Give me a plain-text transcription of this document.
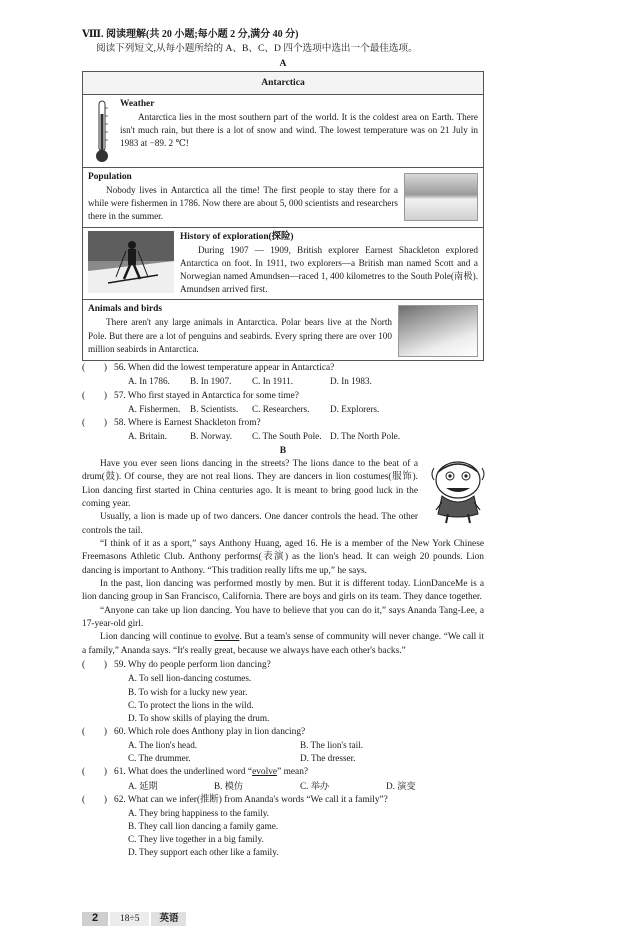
Ⅷ. 阅读理解(共 20 小题;每小题 2 分,满分 40 分)
阅读下列短文,从每小题所给的 A、B、C、D 四个选项中选出一个最佳选项。
A
Antarctica
Weather

Antarctica lies in the most southern part of the world. It is the coldest area on Earth. There isn't much rain, but there is a lot of snow and wind. The lowest temperature was on 21 July in 1983 at −89. 2 ℃!

Population

Nobody lives in Antarctica all the time! The first people to stay there for a while were fishermen in 1786. Now there are about 5, 000 scientists and researchers there in the summer.

History of exploration(探险)

During 1907 — 1909, British explorer Earnest Shackleton explored Antarctica on foot. In 1911, two explorers—a British man named Scott and a Norwegian named Amundsen—raced 1, 400 kilometres to the South Pole(南极). Amundsen arrived first.

Animals and birds

There aren't any large animals in Antarctica. Polar bears live at the North Pole. But there are a lot of penguins and seabirds. Every spring there are over 100 million seabirds in Antarctica.

(　　) 56. When did the lowest temperature appear in Antarctica?
A. In 1786.	B. In 1907.	C. In 1911.	D. In 1983.
(　　) 57. Who first stayed in Antarctica for some time?
A. Fishermen.	B. Scientists.	C. Researchers.	D. Explorers.
(　　) 58. Where is Earnest Shackleton from?
A. Britain.	B. Norway.	C. The South Pole. D. The North Pole.
B

Have you ever seen lions dancing in the streets? The lions dance to the beat of a drum(鼓). Of course, they are not real lions. They are dancers in lion costumes(服饰). Lion dancing first started in China centuries ago. It is meant to bring good luck in the coming year.

Usually, a lion is made up of two dancers. One dancer controls the head. The other controls the tail.

“I think of it as a sport,” says Anthony Huang, aged 16. He is a member of the New York Chinese Freemasons Athletic Club. Anthony performs(表演) as the lion's head. It can weigh 20 pounds. Lion dancing is important to Anthony. “This tradition really lifts me up,” he says.

In the past, lion dancing was performed mostly by men. But it is different today. LionDanceMe is a lion dancing group in San Francisco, California. There are boys and girls on its team. They dance together.

“Anyone can take up lion dancing. You have to believe that you can do it,” says Ananda Tang-Lee, a 17-year-old girl.

Lion dancing will continue to evolve. But a team's sense of community will never change. “We call it a family,” Ananda says. “It's really great, because we always have each other's backs.”

(　　) 59. Why do people perform lion dancing?
A. To sell lion-dancing costumes.
B. To wish for a lucky new year.
C. To protect the lions in the wild.
D. To show skills of playing the drum.
(　　) 60. Which role does Anthony play in lion dancing?
A. The lion's head.	B. The lion's tail.
C. The drummer.	D. The dresser.
(　　) 61. What does the underlined word “evolve” mean?
A. 延期	B. 模仿	C. 举办	D. 演变
(　　) 62. What can we infer(推断) from Ananda's words “We call it a family”?
A. They bring happiness to the family.
B. They call lion dancing a family game.
C. They live together in a big family.
D. They support each other like a family.
2	18÷5	英语
